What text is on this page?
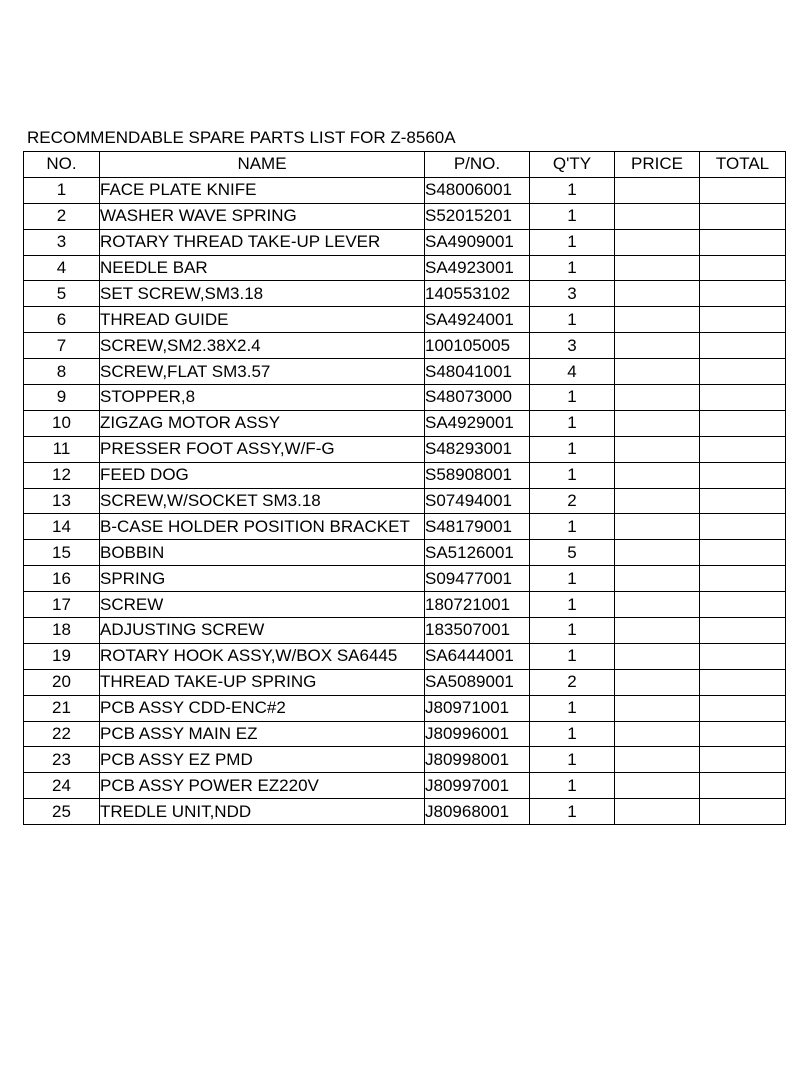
RECOMMENDABLE SPARE PARTS LIST FOR Z-8560A
NO.	NAME	P/NO.	Q'TY	PRICE	TOTAL
1	FACE PLATE KNIFE	S48006001	1		
2	WASHER WAVE SPRING	S52015201	1		
3	ROTARY THREAD TAKE-UP LEVER	SA4909001	1		
4	NEEDLE BAR	SA4923001	1		
5	SET SCREW,SM3.18	140553102	3		
6	THREAD GUIDE	SA4924001	1		
7	SCREW,SM2.38X2.4	100105005	3		
8	SCREW,FLAT SM3.57	S48041001	4		
9	STOPPER,8	S48073000	1		
10	ZIGZAG MOTOR ASSY	SA4929001	1		
11	PRESSER FOOT ASSY,W/F-G	S48293001	1		
12	FEED DOG	S58908001	1		
13	SCREW,W/SOCKET SM3.18	S07494001	2		
14	B-CASE HOLDER POSITION BRACKET	S48179001	1		
15	BOBBIN	SA5126001	5		
16	SPRING	S09477001	1		
17	SCREW	180721001	1		
18	ADJUSTING SCREW	183507001	1		
19	ROTARY HOOK ASSY,W/BOX SA6445	SA6444001	1		
20	THREAD TAKE-UP SPRING	SA5089001	2		
21	PCB ASSY CDD-ENC#2	J80971001	1		
22	PCB ASSY MAIN EZ	J80996001	1		
23	PCB ASSY EZ PMD	J80998001	1		
24	PCB ASSY POWER EZ220V	J80997001	1		
25	TREDLE UNIT,NDD	J80968001	1		
